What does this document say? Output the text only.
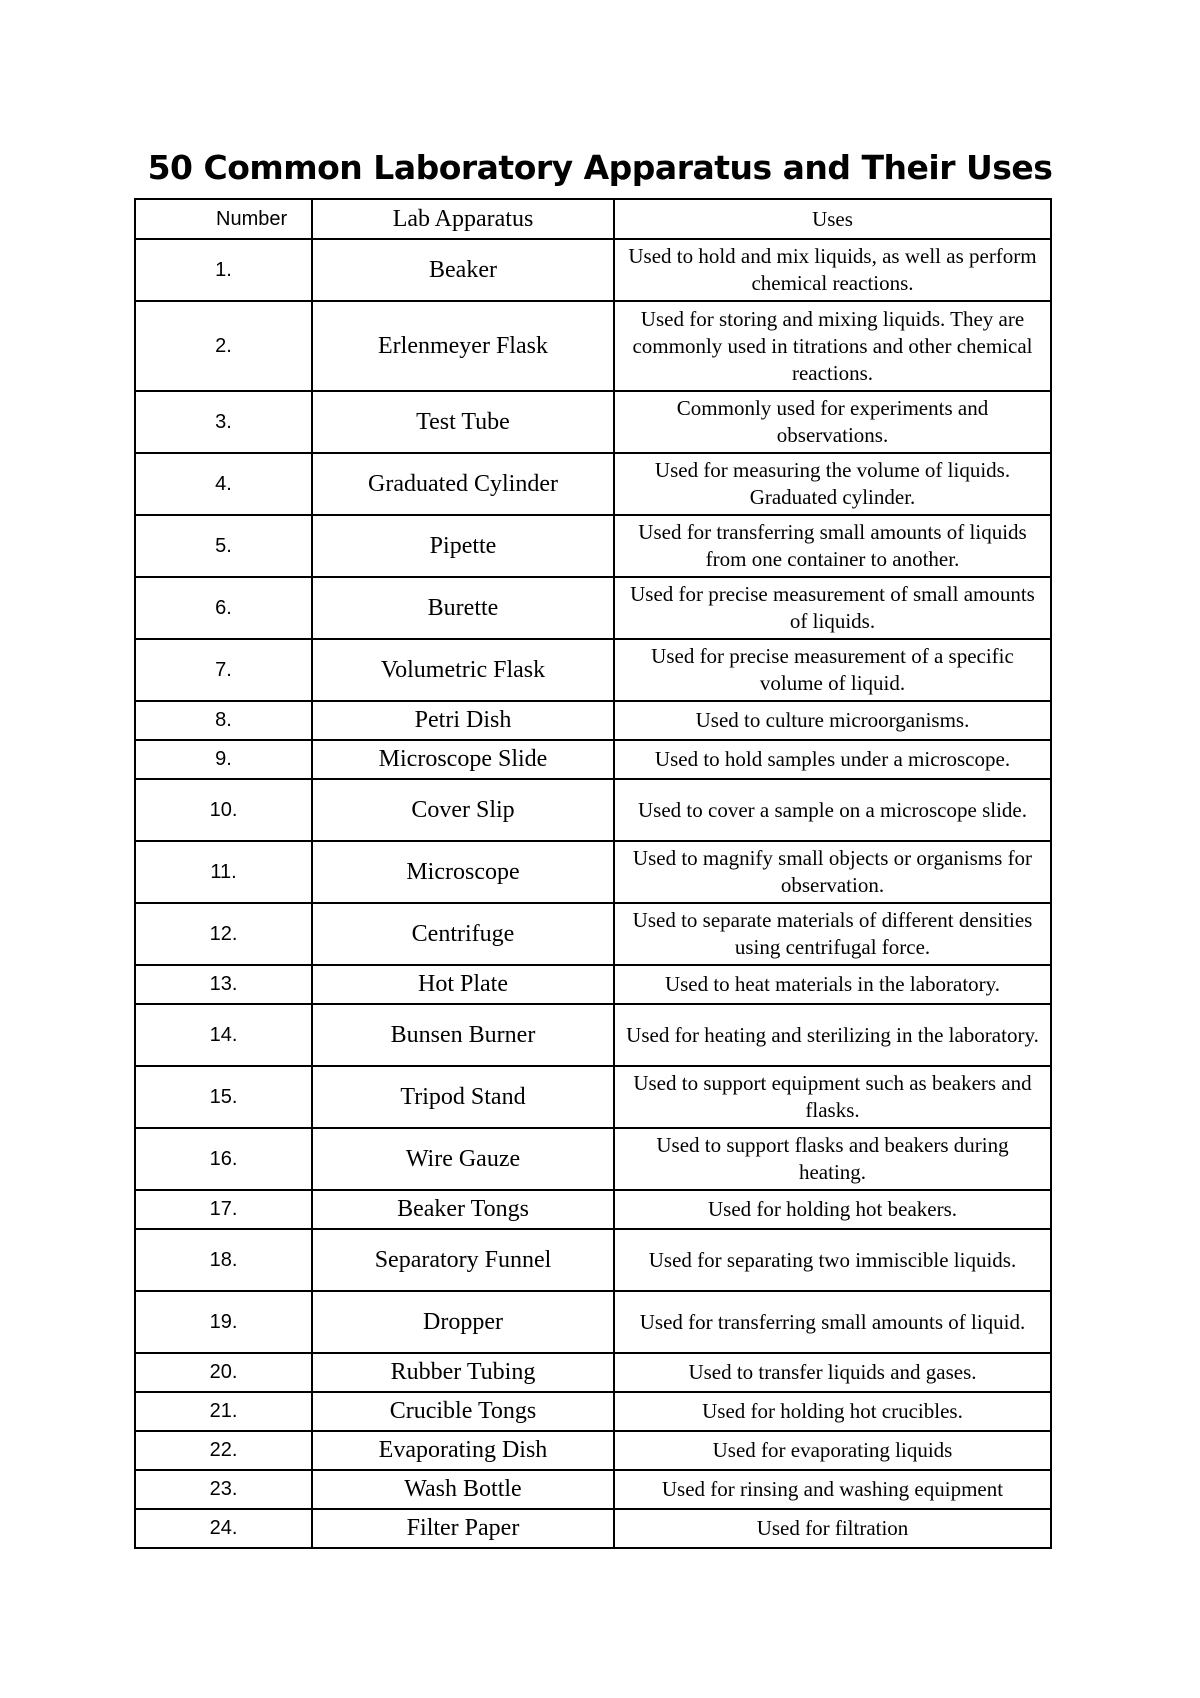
50 Common Laboratory Apparatus and Their Uses
Number	Lab Apparatus	Uses
1.	Beaker	Used to hold and mix liquids, as well as perform chemical reactions.
2.	Erlenmeyer Flask	Used for storing and mixing liquids. They are commonly used in titrations and other chemical reactions.
3.	Test Tube	Commonly used for experiments and observations.
4.	Graduated Cylinder	Used for measuring the volume of liquids. Graduated cylinder.
5.	Pipette	Used for transferring small amounts of liquids from one container to another.
6.	Burette	Used for precise measurement of small amounts of liquids.
7.	Volumetric Flask	Used for precise measurement of a specific volume of liquid.
8.	Petri Dish	Used to culture microorganisms.
9.	Microscope Slide	Used to hold samples under a microscope.
10.	Cover Slip	Used to cover a sample on a microscope slide.
11.	Microscope	Used to magnify small objects or organisms for observation.
12.	Centrifuge	Used to separate materials of different densities using centrifugal force.
13.	Hot Plate	Used to heat materials in the laboratory.
14.	Bunsen Burner	Used for heating and sterilizing in the laboratory.
15.	Tripod Stand	Used to support equipment such as beakers and flasks.
16.	Wire Gauze	Used to support flasks and beakers during heating.
17.	Beaker Tongs	Used for holding hot beakers.
18.	Separatory Funnel	Used for separating two immiscible liquids.
19.	Dropper	Used for transferring small amounts of liquid.
20.	Rubber Tubing	Used to transfer liquids and gases.
21.	Crucible Tongs	Used for holding hot crucibles.
22.	Evaporating Dish	Used for evaporating liquids
23.	Wash Bottle	Used for rinsing and washing equipment
24.	Filter Paper	Used for filtration
